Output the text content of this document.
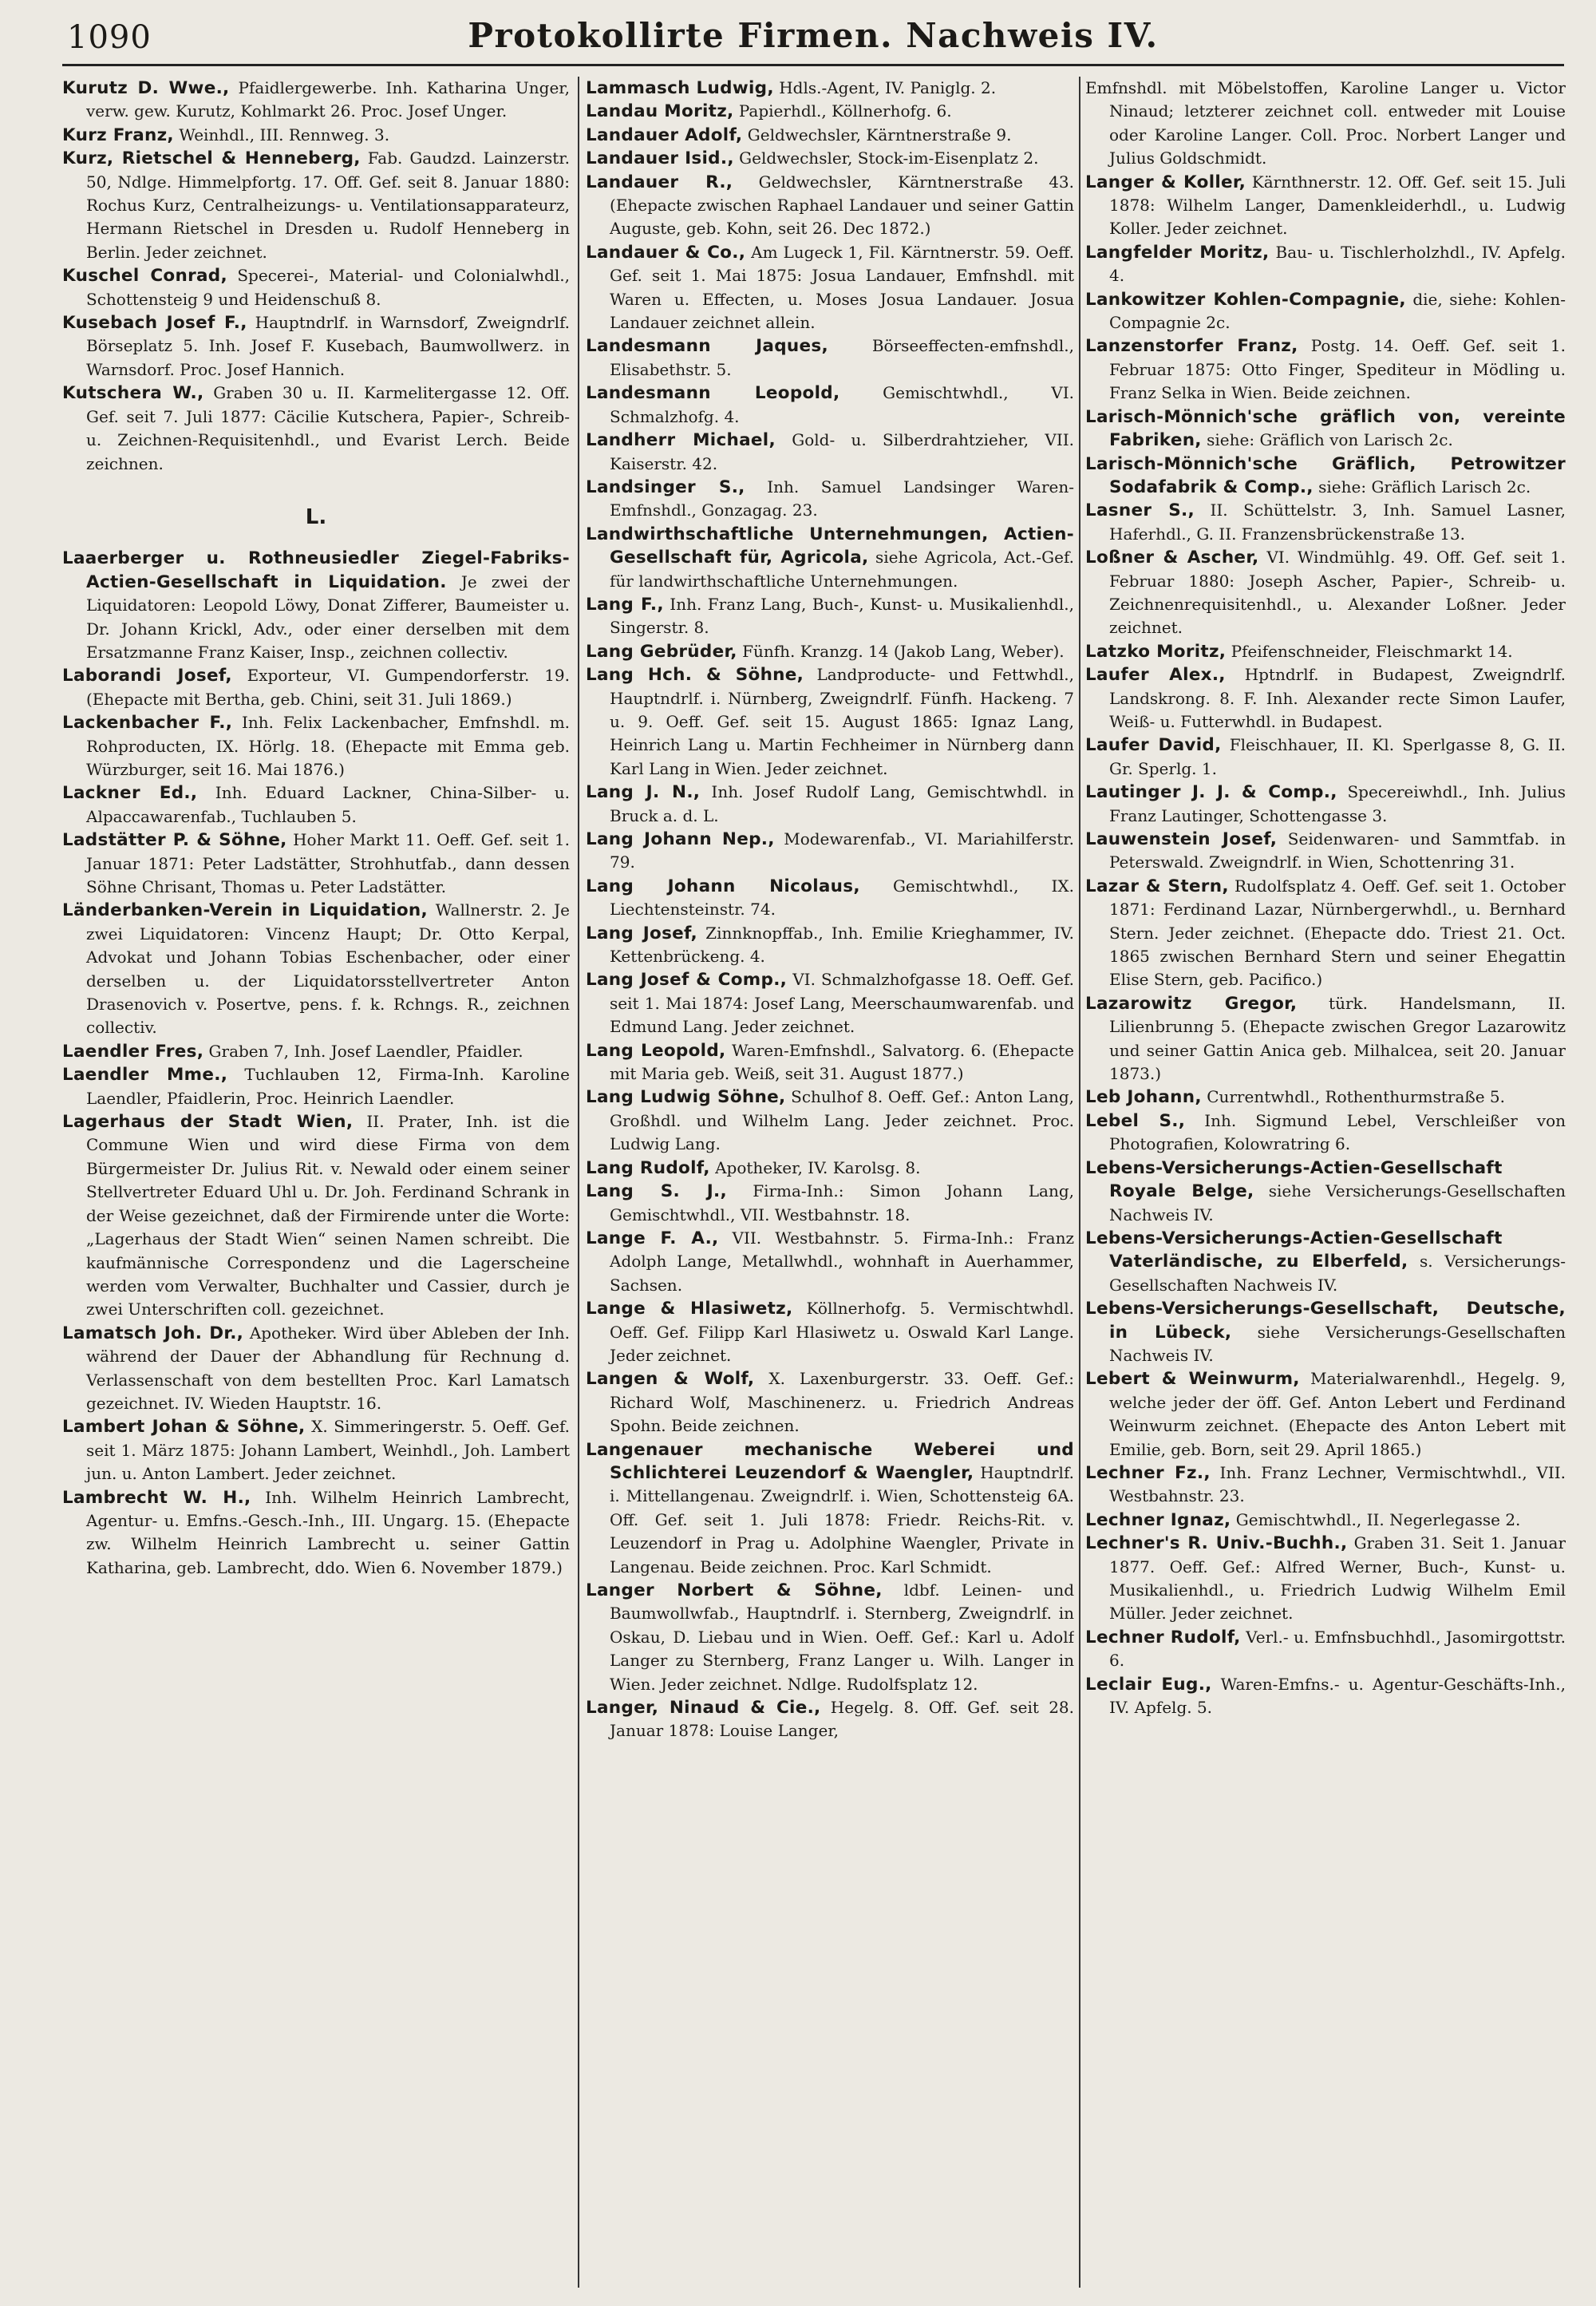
1090	Protokollirte Firmen. Nachweis IV.
Kurutz D. Wwe., Pfaidlergewerbe. Inh. Katharina Unger, verw. gew. Kurutz, Kohlmarkt 26. Proc. Josef Unger.
Kurz Franz, Weinhdl., III. Rennweg. 3.
Kurz, Rietschel & Henneberg, Fab. Gaudzd. Lainzerstr. 50, Ndlge. Himmelpfortg. 17. Off. Gef. seit 8. Januar 1880: Rochus Kurz, Centralheizungs- u. Ventilationsapparateurz, Hermann Rietschel in Dresden u. Rudolf Henneberg in Berlin. Jeder zeichnet.
Kuschel Conrad, Specerei-, Material- und Colonialwhdl., Schottensteig 9 und Heidenschuß 8.
Kusebach Josef F., Hauptndrlf. in Warnsdorf, Zweigndrlf. Börseplatz 5. Inh. Josef F. Kusebach, Baumwollwerz. in Warnsdorf. Proc. Josef Hannich.
Kutschera W., Graben 30 u. II. Karmelitergasse 12. Off. Gef. seit 7. Juli 1877: Cäcilie Kutschera, Papier-, Schreib- u. Zeichnen-Requisitenhdl., und Evarist Lerch. Beide zeichnen.
L.
Laaerberger u. Rothneusiedler Ziegel-Fabriks-Actien-Gesellschaft in Liquidation. Je zwei der Liquidatoren: Leopold Löwy, Donat Zifferer, Baumeister u. Dr. Johann Krickl, Adv., oder einer derselben mit dem Ersatzmanne Franz Kaiser, Insp., zeichnen collectiv.
Laborandi Josef, Exporteur, VI. Gumpendorferstr. 19. (Ehepacte mit Bertha, geb. Chini, seit 31. Juli 1869.)
Lackenbacher F., Inh. Felix Lackenbacher, Emfnshdl. m. Rohproducten, IX. Hörlg. 18. (Ehepacte mit Emma geb. Würzburger, seit 16. Mai 1876.)
Lackner Ed., Inh. Eduard Lackner, China-Silber- u. Alpaccawarenfab., Tuchlauben 5.
Ladstätter P. & Söhne, Hoher Markt 11. Oeff. Gef. seit 1. Januar 1871: Peter Ladstätter, Strohhutfab., dann dessen Söhne Chrisant, Thomas u. Peter Ladstätter.
Länderbanken-Verein in Liquidation, Wallnerstr. 2. Je zwei Liquidatoren: Vincenz Haupt; Dr. Otto Kerpal, Advokat und Johann Tobias Eschenbacher, oder einer derselben u. der Liquidatorsstellvertreter Anton Drasenovich v. Posertve, pens. f. k. Rchngs. R., zeichnen collectiv.
Laendler Fres, Graben 7, Inh. Josef Laendler, Pfaidler.
Laendler Mme., Tuchlauben 12, Firma-Inh. Karoline Laendler, Pfaidlerin, Proc. Heinrich Laendler.
Lagerhaus der Stadt Wien, II. Prater, Inh. ist die Commune Wien und wird diese Firma von dem Bürgermeister Dr. Julius Rit. v. Newald oder einem seiner Stellvertreter Eduard Uhl u. Dr. Joh. Ferdinand Schrank in der Weise gezeichnet, daß der Firmirende unter die Worte: „Lagerhaus der Stadt Wien“ seinen Namen schreibt. Die kaufmännische Correspondenz und die Lagerscheine werden vom Verwalter, Buchhalter und Cassier, durch je zwei Unterschriften coll. gezeichnet.
Lamatsch Joh. Dr., Apotheker. Wird über Ableben der Inh. während der Dauer der Abhandlung für Rechnung d. Verlassenschaft von dem bestellten Proc. Karl Lamatsch gezeichnet. IV. Wieden Hauptstr. 16.
Lambert Johan & Söhne, X. Simmeringerstr. 5. Oeff. Gef. seit 1. März 1875: Johann Lambert, Weinhdl., Joh. Lambert jun. u. Anton Lambert. Jeder zeichnet.
Lambrecht W. H., Inh. Wilhelm Heinrich Lambrecht, Agentur- u. Emfns.-Gesch.-Inh., III. Ungarg. 15. (Ehepacte zw. Wilhelm Heinrich Lambrecht u. seiner Gattin Katharina, geb. Lambrecht, ddo. Wien 6. November 1879.)
Lammasch Ludwig, Hdls.-Agent, IV. Paniglg. 2.
Landau Moritz, Papierhdl., Köllnerhofg. 6.
Landauer Adolf, Geldwechsler, Kärntnerstraße 9.
Landauer Isid., Geldwechsler, Stock-im-Eisenplatz 2.
Landauer R., Geldwechsler, Kärntnerstraße 43. (Ehepacte zwischen Raphael Landauer und seiner Gattin Auguste, geb. Kohn, seit 26. Dec 1872.)
Landauer & Co., Am Lugeck 1, Fil. Kärntnerstr. 59. Oeff. Gef. seit 1. Mai 1875: Josua Landauer, Emfnshdl. mit Waren u. Effecten, u. Moses Josua Landauer. Josua Landauer zeichnet allein.
Landesmann Jaques,	Börseeffecten-emfnshdl., Elisabethstr. 5.
Landesmann Leopold,	Gemischtwhdl., VI. Schmalzhofg. 4.
Landherr Michael, Gold- u. Silberdrahtzieher, VII. Kaiserstr. 42.
Landsinger S., Inh. Samuel Landsinger Waren-Emfnshdl., Gonzagag. 23.
Landwirthschaftliche Unternehmungen, Actien-Gesellschaft für, Agricola, siehe Agricola, Act.-Gef. für landwirthschaftliche Unternehmungen.
Lang F., Inh. Franz Lang, Buch-, Kunst- u. Musikalienhdl., Singerstr. 8.
Lang Gebrüder, Fünfh. Kranzg. 14 (Jakob Lang, Weber).
Lang Hch. & Söhne, Landproducte- und Fettwhdl., Hauptndrlf. i. Nürnberg, Zweigndrlf. Fünfh. Hackeng. 7 u. 9. Oeff. Gef. seit 15. August 1865: Ignaz Lang, Heinrich Lang u. Martin Fechheimer in Nürnberg dann Karl Lang in Wien. Jeder zeichnet.
Lang J. N., Inh. Josef Rudolf Lang, Gemischtwhdl. in Bruck a. d. L.
Lang Johann Nep., Modewarenfab., VI. Mariahilferstr. 79.
Lang Johann Nicolaus, Gemischtwhdl., IX. Liechtensteinstr. 74.
Lang Josef, Zinnknopffab., Inh. Emilie Krieghammer, IV. Kettenbrückeng. 4.
Lang Josef & Comp., VI. Schmalzhofgasse 18. Oeff. Gef. seit 1. Mai 1874: Josef Lang, Meerschaumwarenfab. und Edmund Lang. Jeder zeichnet.
Lang Leopold, Waren-Emfnshdl., Salvatorg. 6. (Ehepacte mit Maria geb. Weiß, seit 31. August 1877.)
Lang Ludwig Söhne, Schulhof 8. Oeff. Gef.: Anton Lang, Großhdl. und Wilhelm Lang. Jeder zeichnet. Proc. Ludwig Lang.
Lang Rudolf, Apotheker, IV. Karolsg. 8.
Lang S. J., Firma-Inh.: Simon Johann Lang, Gemischtwhdl., VII. Westbahnstr. 18.
Lange F. A., VII. Westbahnstr. 5. Firma-Inh.: Franz Adolph Lange, Metallwhdl., wohnhaft in Auerhammer, Sachsen.
Lange & Hlasiwetz, Köllnerhofg. 5. Vermischtwhdl. Oeff. Gef. Filipp Karl Hlasiwetz u. Oswald Karl Lange. Jeder zeichnet.
Langen & Wolf, X. Laxenburgerstr. 33. Oeff. Gef.: Richard Wolf, Maschinenerz. u. Friedrich Andreas Spohn. Beide zeichnen.
Langenauer mechanische Weberei und Schlichterei Leuzendorf & Waengler, Hauptndrlf. i. Mittellangenau. Zweigndrlf. i. Wien, Schottensteig 6A. Off. Gef. seit 1. Juli 1878: Friedr. Reichs-Rit. v. Leuzendorf in Prag u. Adolphine Waengler, Private in Langenau. Beide zeichnen. Proc. Karl Schmidt.
Langer Norbert & Söhne, ldbf. Leinen- und Baumwollwfab., Hauptndrlf. i. Sternberg, Zweigndrlf. in Oskau, D. Liebau und in Wien. Oeff. Gef.: Karl u. Adolf Langer zu Sternberg, Franz Langer u. Wilh. Langer in Wien. Jeder zeichnet. Ndlge. Rudolfsplatz 12.
Langer, Ninaud & Cie., Hegelg. 8. Off. Gef. seit 28. Januar 1878: Louise Langer,
Emfnshdl. mit Möbelstoffen, Karoline Langer u. Victor Ninaud; letzterer zeichnet coll. entweder mit Louise oder Karoline Langer. Coll. Proc. Norbert Langer und Julius Goldschmidt.
Langer & Koller, Kärnthnerstr. 12. Off. Gef. seit 15. Juli 1878: Wilhelm Langer, Damenkleiderhdl., u. Ludwig Koller. Jeder zeichnet.
Langfelder Moritz, Bau- u. Tischlerholzhdl., IV. Apfelg. 4.
Lankowitzer Kohlen-Compagnie, die, siehe: Kohlen-Compagnie 2c.
Lanzenstorfer Franz, Postg. 14. Oeff. Gef. seit 1. Februar 1875: Otto Finger, Spediteur in Mödling u. Franz Selka in Wien. Beide zeichnen.
Larisch-Mönnich'sche gräflich von, vereinte Fabriken, siehe: Gräflich von Larisch 2c.
Larisch-Mönnich'sche Gräflich, Petrowitzer Sodafabrik & Comp., siehe: Gräflich Larisch 2c.
Lasner S., II. Schüttelstr. 3, Inh. Samuel Lasner, Haferhdl., G. II. Franzensbrückenstraße 13.
Loßner & Ascher, VI. Windmühlg. 49. Off. Gef. seit 1. Februar 1880: Joseph Ascher, Papier-, Schreib- u. Zeichnenrequisitenhdl., u. Alexander Loßner. Jeder zeichnet.
Latzko Moritz, Pfeifenschneider, Fleischmarkt 14.
Laufer Alex., Hptndrlf. in Budapest, Zweigndrlf. Landskrong. 8. F. Inh. Alexander recte Simon Laufer, Weiß- u. Futterwhdl. in Budapest.
Laufer David, Fleischhauer, II. Kl. Sperlgasse 8, G. II. Gr. Sperlg. 1.
Lautinger J. J. & Comp., Specereiwhdl., Inh. Julius Franz Lautinger, Schottengasse 3.
Lauwenstein Josef, Seidenwaren- und Sammtfab. in Peterswald. Zweigndrlf. in Wien, Schottenring 31.
Lazar & Stern, Rudolfsplatz 4. Oeff. Gef. seit 1. October 1871: Ferdinand Lazar, Nürnbergerwhdl., u. Bernhard Stern. Jeder zeichnet. (Ehepacte ddo. Triest 21. Oct. 1865 zwischen Bernhard Stern und seiner Ehegattin Elise Stern, geb. Pacifico.)
Lazarowitz Gregor, türk. Handelsmann, II. Lilienbrunng 5. (Ehepacte zwischen Gregor Lazarowitz und seiner Gattin Anica geb. Milhalcea, seit 20. Januar 1873.)
Leb Johann, Currentwhdl., Rothenthurmstraße 5.
Lebel S., Inh. Sigmund Lebel, Verschleißer von Photografien, Kolowratring 6.
Lebens-Versicherungs-Actien-Gesellschaft Royale Belge, siehe Versicherungs-Gesellschaften Nachweis IV.
Lebens-Versicherungs-Actien-Gesellschaft Vaterländische, zu Elberfeld, s. Versicherungs-Gesellschaften Nachweis IV.
Lebens-Versicherungs-Gesellschaft, Deutsche, in Lübeck, siehe Versicherungs-Gesellschaften Nachweis IV.
Lebert & Weinwurm, Materialwarenhdl., Hegelg. 9, welche jeder der öff. Gef. Anton Lebert und Ferdinand Weinwurm zeichnet. (Ehepacte des Anton Lebert mit Emilie, geb. Born, seit 29. April 1865.)
Lechner Fz., Inh. Franz Lechner, Vermischtwhdl., VII. Westbahnstr. 23.
Lechner Ignaz, Gemischtwhdl., II. Negerlegasse 2.
Lechner's R. Univ.-Buchh., Graben 31. Seit 1. Januar 1877. Oeff. Gef.: Alfred Werner, Buch-, Kunst- u. Musikalienhdl., u. Friedrich Ludwig Wilhelm Emil Müller. Jeder zeichnet.
Lechner Rudolf, Verl.- u. Emfnsbuchhdl., Jasomirgottstr. 6.
Leclair Eug., Waren-Emfns.- u. Agentur-Geschäfts-Inh., IV. Apfelg. 5.
